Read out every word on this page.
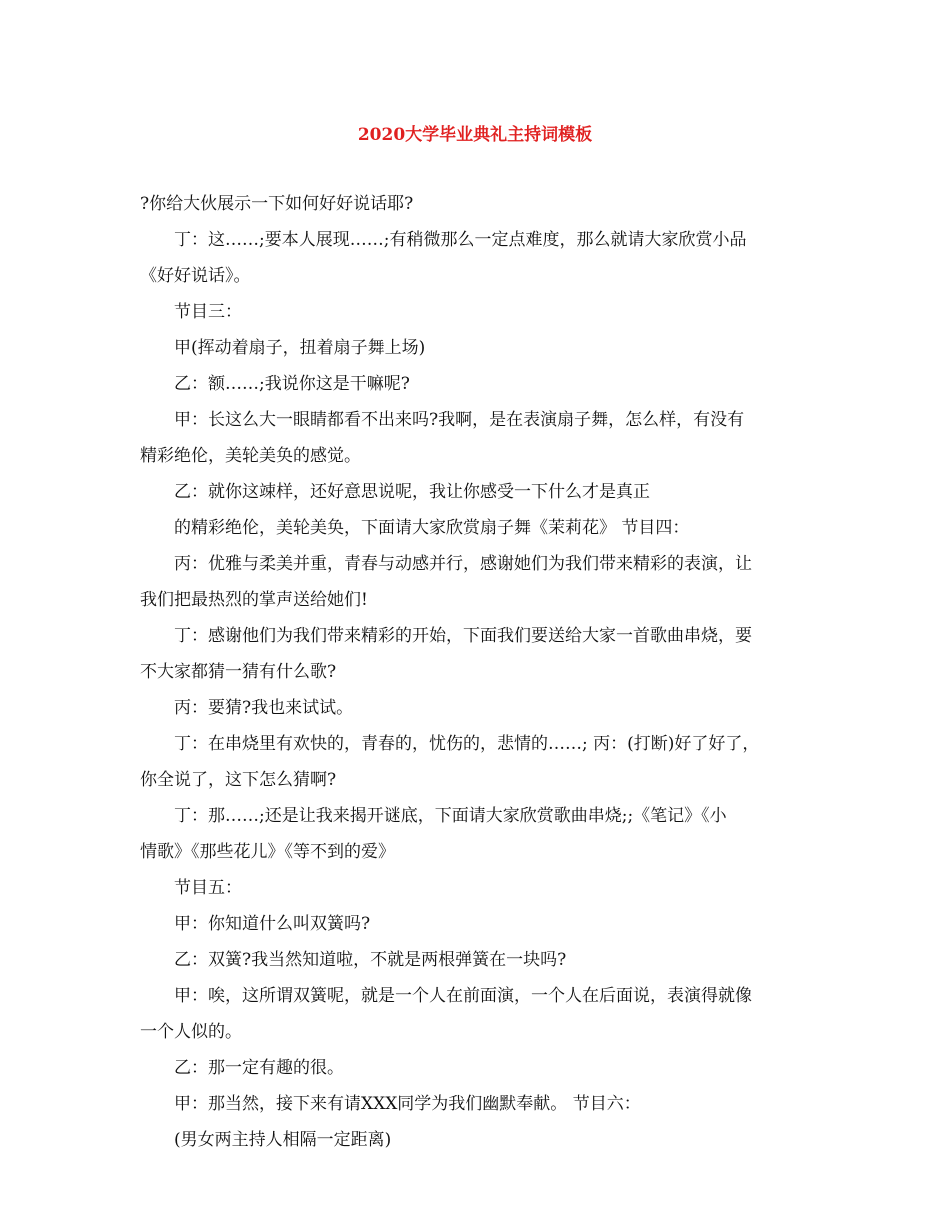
2020大学毕业典礼主持词模板

?你给大伙展示一下如何好好说话耶?

丁：这……;要本人展现……;有稍微那么一定点难度，那么就请大家欣赏小品

《好好说话》。

节目三：

甲(挥动着扇子，扭着扇子舞上场)

乙：额……;我说你这是干嘛呢?

甲：长这么大一眼睛都看不出来吗?我啊，是在表演扇子舞，怎么样，有没有

精彩绝伦，美轮美奂的感觉。

乙：就你这竦样，还好意思说呢，我让你感受一下什么才是真正

的精彩绝伦，美轮美奂，下面请大家欣赏扇子舞《茉莉花》 节目四：

丙：优雅与柔美并重，青春与动感并行，感谢她们为我们带来精彩的表演，让

我们把最热烈的掌声送给她们!

丁：感谢他们为我们带来精彩的开始，下面我们要送给大家一首歌曲串烧，要

不大家都猜一猜有什么歌?

丙：要猜?我也来试试。

丁：在串烧里有欢快的，青春的，忧伤的，悲情的……; 丙：(打断)好了好了，

你全说了，这下怎么猜啊?

丁：那……;还是让我来揭开谜底，下面请大家欣赏歌曲串烧;;《笔记》《小

情歌》《那些花儿》《等不到的爱》

节目五：

甲：你知道什么叫双簧吗?

乙：双簧?我当然知道啦，不就是两根弹簧在一块吗?

甲：唉，这所谓双簧呢，就是一个人在前面演，一个人在后面说，表演得就像

一个人似的。

乙：那一定有趣的很。

甲：那当然，接下来有请XXX同学为我们幽默奉献。 节目六：

(男女两主持人相隔一定距离)
